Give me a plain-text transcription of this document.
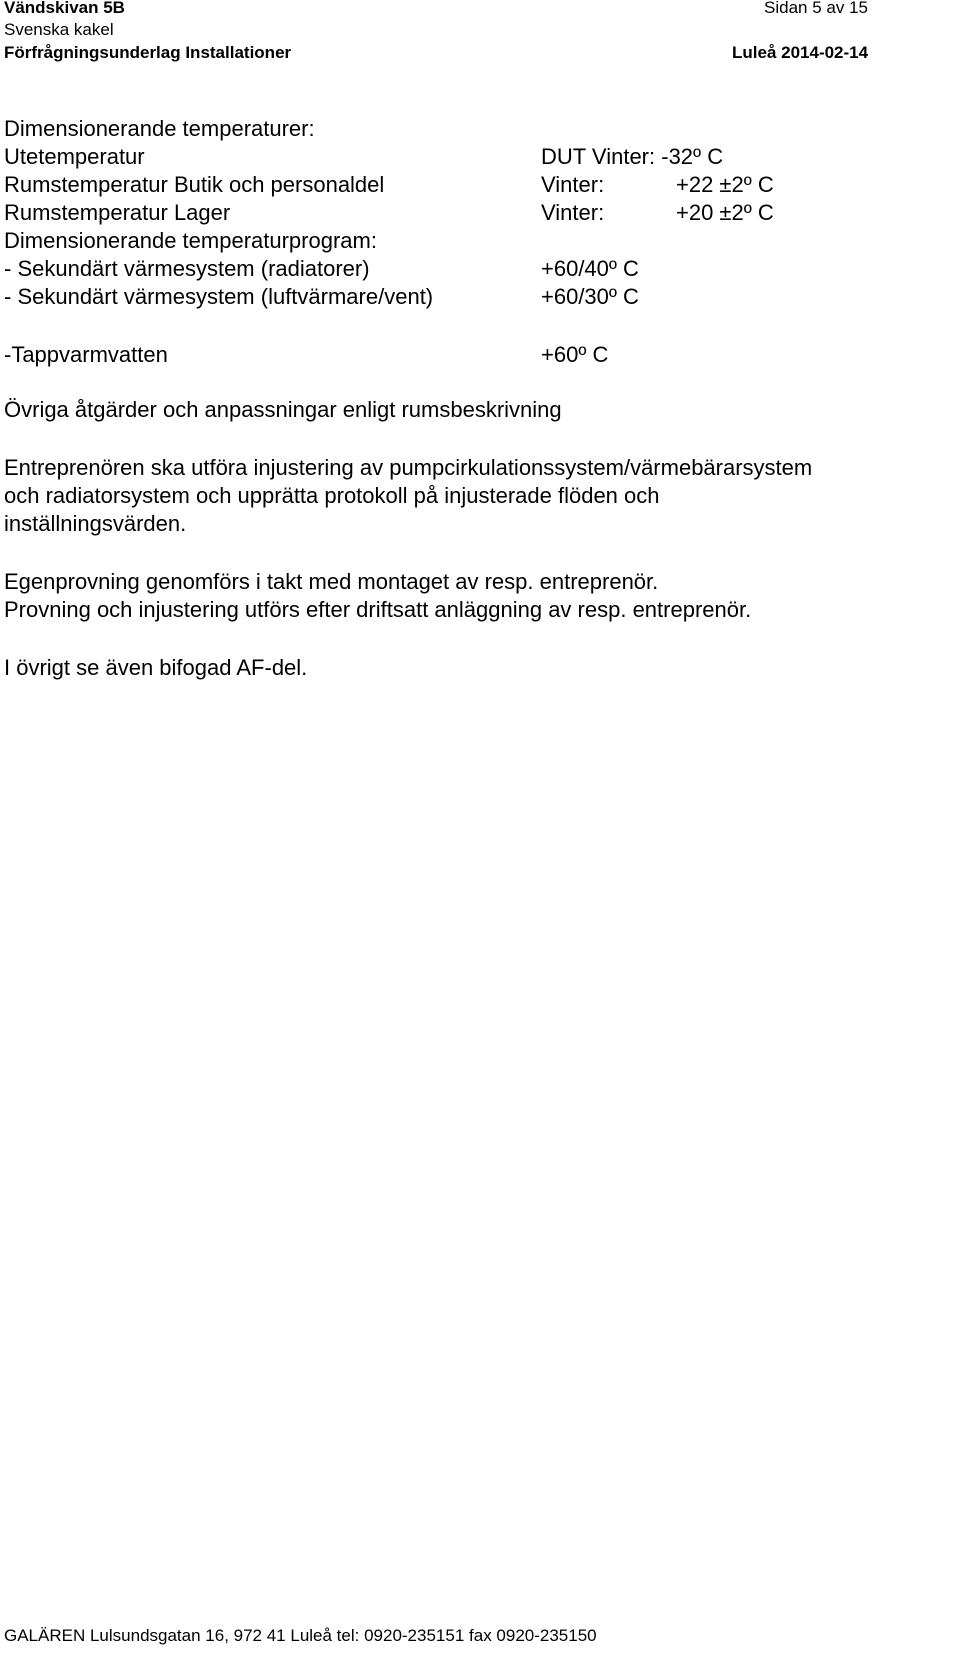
Vändskivan 5B	Sidan 5 av 15
Svenska kakel
Förfrågningsunderlag Installationer	Luleå 2014-02-14
Dimensionerande temperaturer:
Utetemperatur	DUT Vinter: -32º C
Rumstemperatur Butik och personaldel	Vinter:	+22 ±2º C
Rumstemperatur Lager	Vinter:	+20 ±2º C
Dimensionerande temperaturprogram:
- Sekundärt värmesystem (radiatorer)	+60/40º C
- Sekundärt värmesystem (luftvärmare/vent)	+60/30º C
-Tappvarmvatten	+60º C
Övriga åtgärder och anpassningar enligt rumsbeskrivning
Entreprenören ska utföra injustering av pumpcirkulationssystem/värmebärarsystem
och radiatorsystem och upprätta protokoll på injusterade flöden och
inställningsvärden.
Egenprovning genomförs i takt med montaget av resp. entreprenör.
Provning och injustering utförs efter driftsatt anläggning av resp. entreprenör.
I övrigt se även bifogad AF-del.
GALÄREN Lulsundsgatan 16, 972 41 Luleå tel: 0920-235151 fax 0920-235150
